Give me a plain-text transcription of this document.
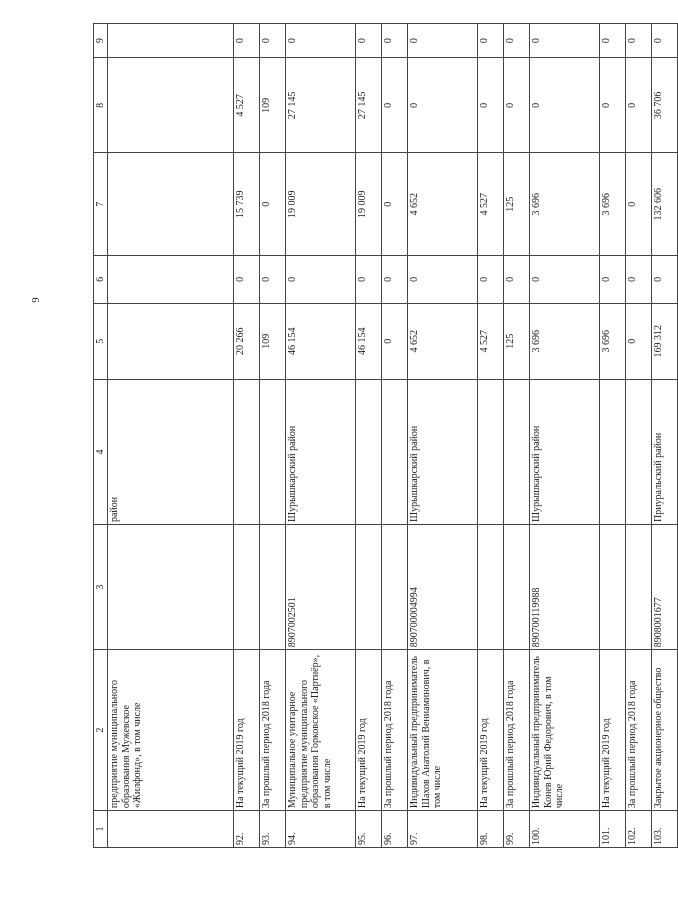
9
1	2	3	4	5	6	7	8	9
	предприятие муниципального образования Мужевское «Жилфонд», в том числе		район					
92.	На текущий 2019 год			20 266	0	15 739	4 527	0
93.	За прошлый период 2018 года			109	0	0	109	0
94.	Муниципальное унитарное предприятие муниципального образования Горковское «Партнёр», в том числе	8907002501	Шурышкарский район	46 154	0	19 009	27 145	0
95.	На текущий 2019 год			46 154	0	19 009	27 145	0
96.	За прошлый период 2018 года			0	0	0	0	0
97.	Индивидуальный предприниматель Шахов Анатолий Вениаминович, в том числе	890700004994	Шурышкарский район	4 652	0	4 652	0	0
98.	На текущий 2019 год			4 527	0	4 527	0	0
99.	За прошлый период 2018 года			125	0	125	0	0
100.	Индивидуальный предприниматель Конев Юрий Федорович, в том числе	890700119988	Шурышкарский район	3 696	0	3 696	0	0
101.	На текущий 2019 год			3 696	0	3 696	0	0
102.	За прошлый период 2018 года			0	0	0	0	0
103.	Закрытое акционерное общество	8908001677	Приуральский район	169 312	0	132 606	36 706	0
